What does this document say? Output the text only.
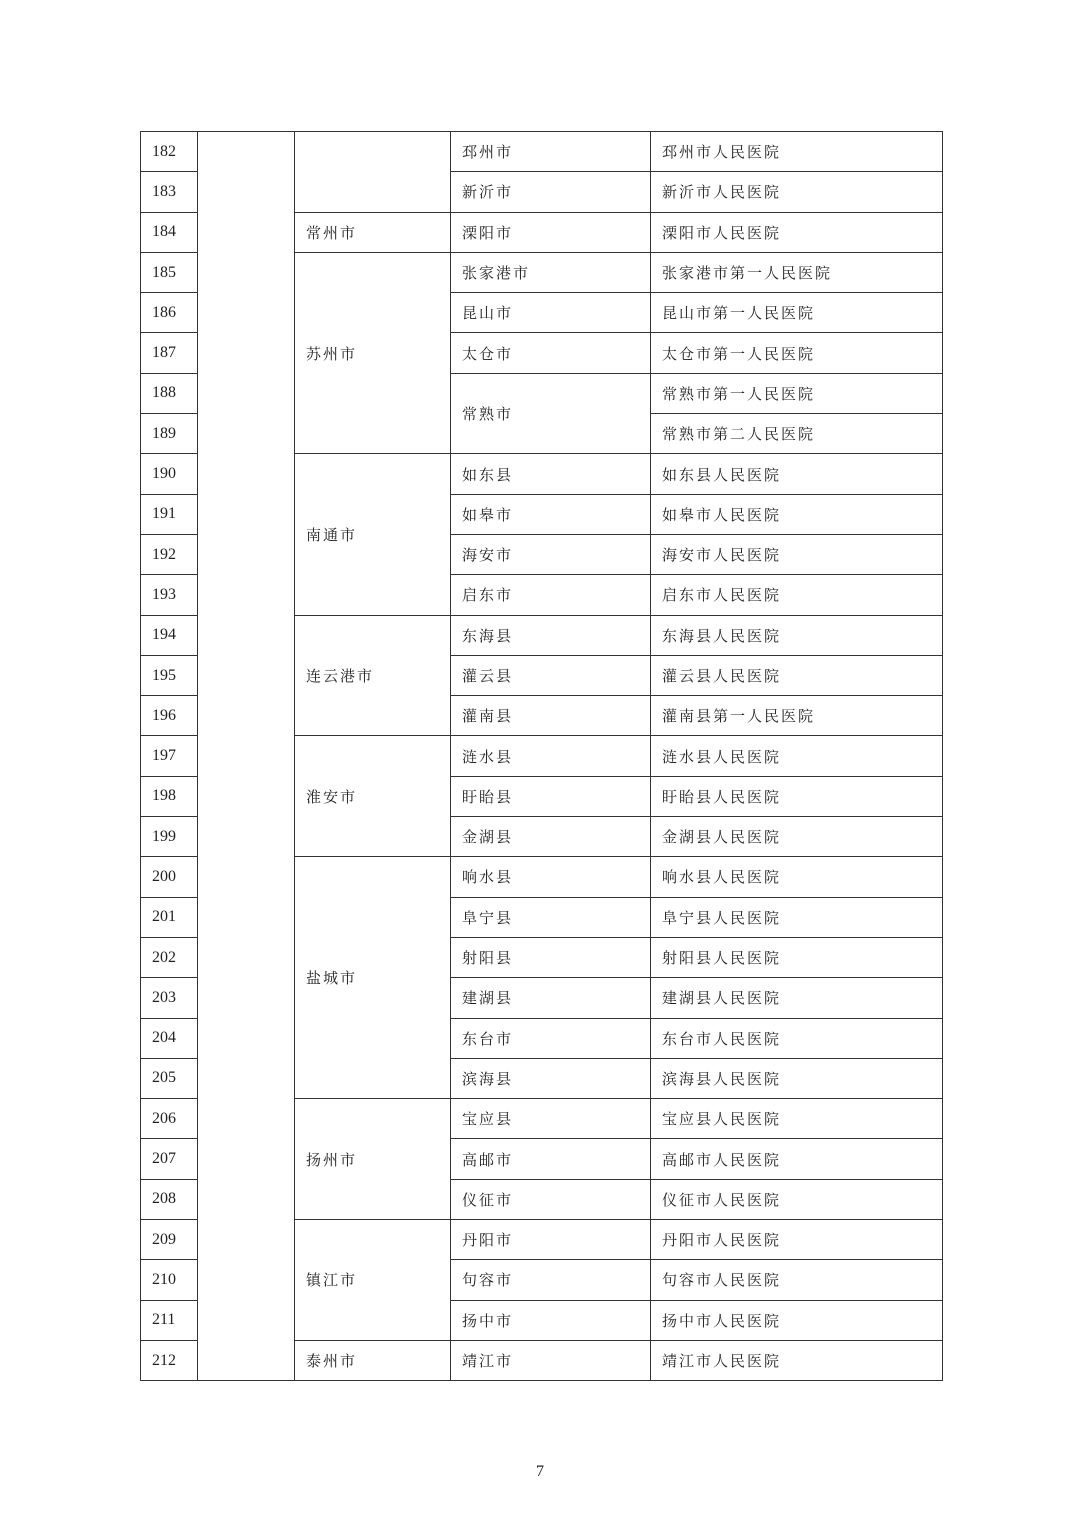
182			邳州市	邳州市人民医院
183			新沂市	新沂市人民医院
184		常州市	溧阳市	溧阳市人民医院
185		苏州市	张家港市	张家港市第一人民医院
186			昆山市	昆山市第一人民医院
187			太仓市	太仓市第一人民医院
188			常熟市	常熟市第一人民医院
189				常熟市第二人民医院
190		南通市	如东县	如东县人民医院
191			如皋市	如皋市人民医院
192			海安市	海安市人民医院
193			启东市	启东市人民医院
194		连云港市	东海县	东海县人民医院
195			灌云县	灌云县人民医院
196			灌南县	灌南县第一人民医院
197		淮安市	涟水县	涟水县人民医院
198			盱眙县	盱眙县人民医院
199			金湖县	金湖县人民医院
200		盐城市	响水县	响水县人民医院
201			阜宁县	阜宁县人民医院
202			射阳县	射阳县人民医院
203			建湖县	建湖县人民医院
204			东台市	东台市人民医院
205			滨海县	滨海县人民医院
206		扬州市	宝应县	宝应县人民医院
207			高邮市	高邮市人民医院
208			仪征市	仪征市人民医院
209		镇江市	丹阳市	丹阳市人民医院
210			句容市	句容市人民医院
211			扬中市	扬中市人民医院
212		泰州市	靖江市	靖江市人民医院
7
